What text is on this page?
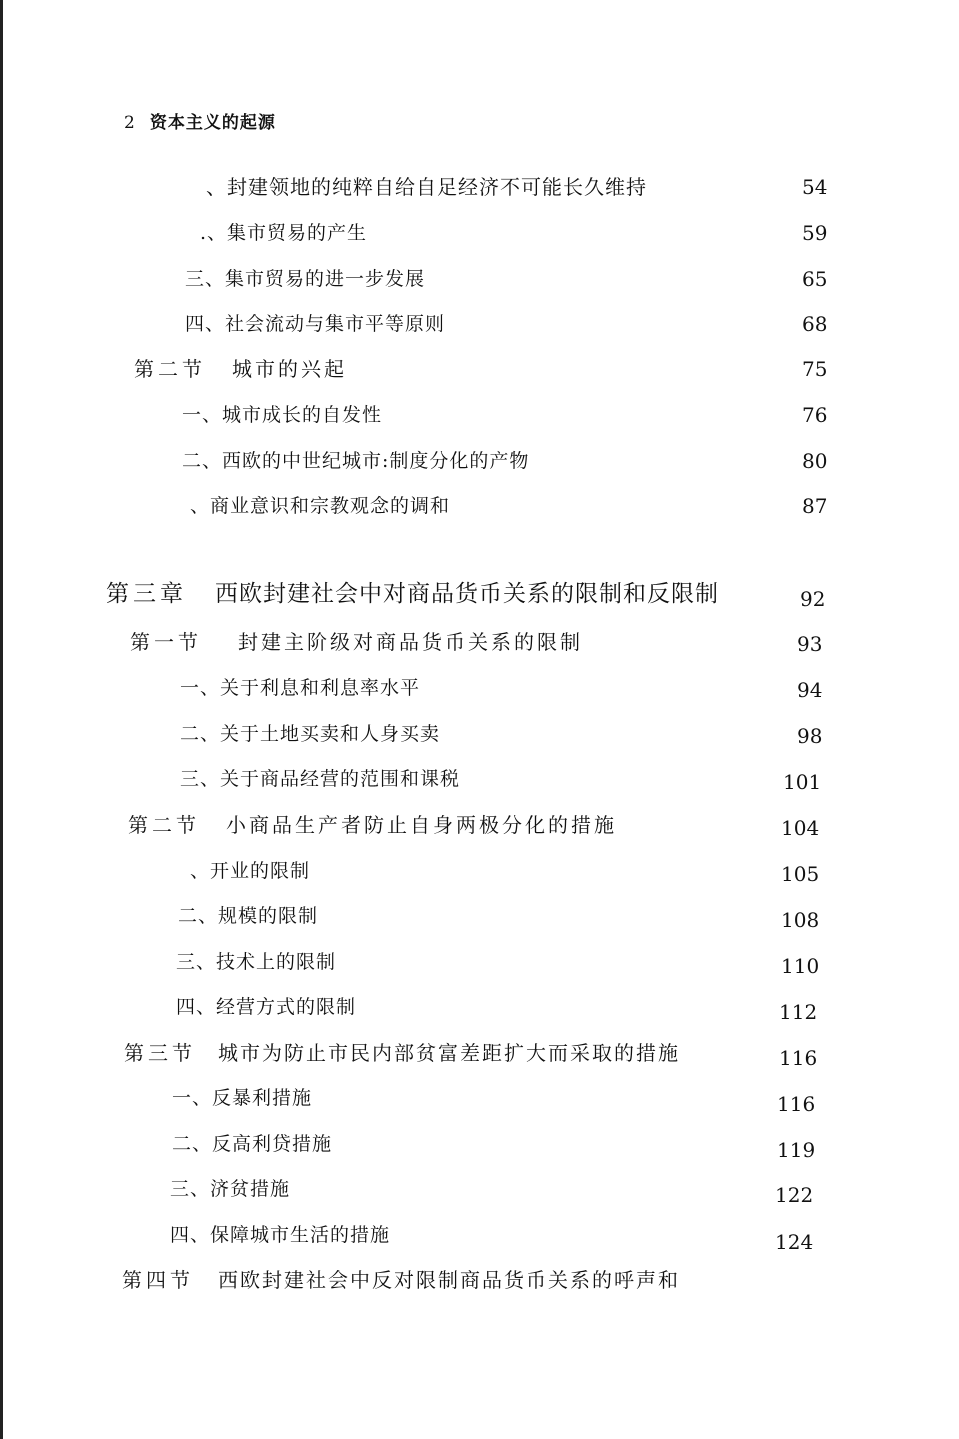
2 资本主义的起源
、封建领地的纯粹自给自足经济不可能长久维持	54
.、集市贸易的产生	59
三、集市贸易的进一步发展	65
四、社会流动与集市平等原则	68
第二节 城市的兴起	75
一、城市成长的自发性	76
二、西欧的中世纪城市:制度分化的产物	80
、商业意识和宗教观念的调和	87
第三章 西欧封建社会中对商品货币关系的限制和反限制	92
第一节 封建主阶级对商品货币关系的限制	93
一、关于利息和利息率水平	94
二、关于土地买卖和人身买卖	98
三、关于商品经营的范围和课税	101
第二节 小商品生产者防止自身两极分化的措施	104
、开业的限制	105
二、规模的限制	108
三、技术上的限制	110
四、经营方式的限制	112
第三节 城市为防止市民内部贫富差距扩大而采取的措施	116
一、反暴利措施	116
二、反高利贷措施	119
三、济贫措施	122
四、保障城市生活的措施	124
第四节 西欧封建社会中反对限制商品货币关系的呼声和
